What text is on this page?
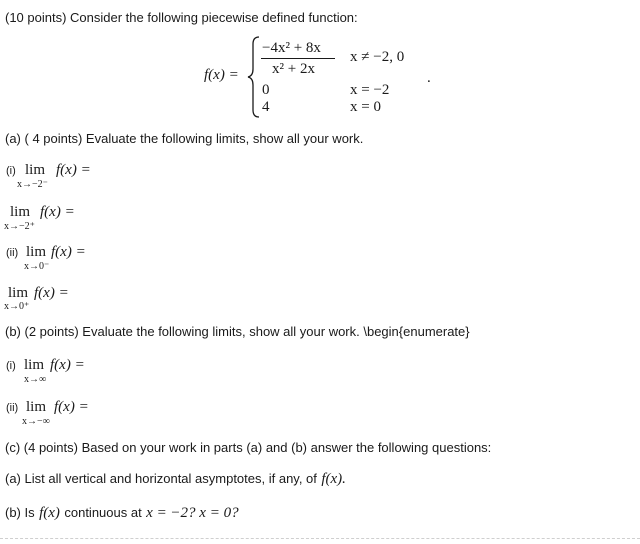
(10 points) Consider the following piecewise defined function:
f(x) =
−4x² + 8x
x² + 2x
x ≠ −2, 0
0	x = −2
4	x = 0
.
(a) ( 4 points) Evaluate the following limits, show all your work.
(i) lim f(x) =
x→−2⁻
lim f(x) =
x→−2⁺
(ii) lim f(x) =
x→0⁻
lim f(x) =
x→0⁺
(b) (2 points) Evaluate the following limits, show all your work. \begin{enumerate}
(i) lim f(x) =
x→∞
(ii) lim f(x) =
x→−∞
(c) (4 points) Based on your work in parts (a) and (b) answer the following questions:
(a) List all vertical and horizontal asymptotes, if any, of f(x).
(b) Is f(x) continuous at x = −2? x = 0?
